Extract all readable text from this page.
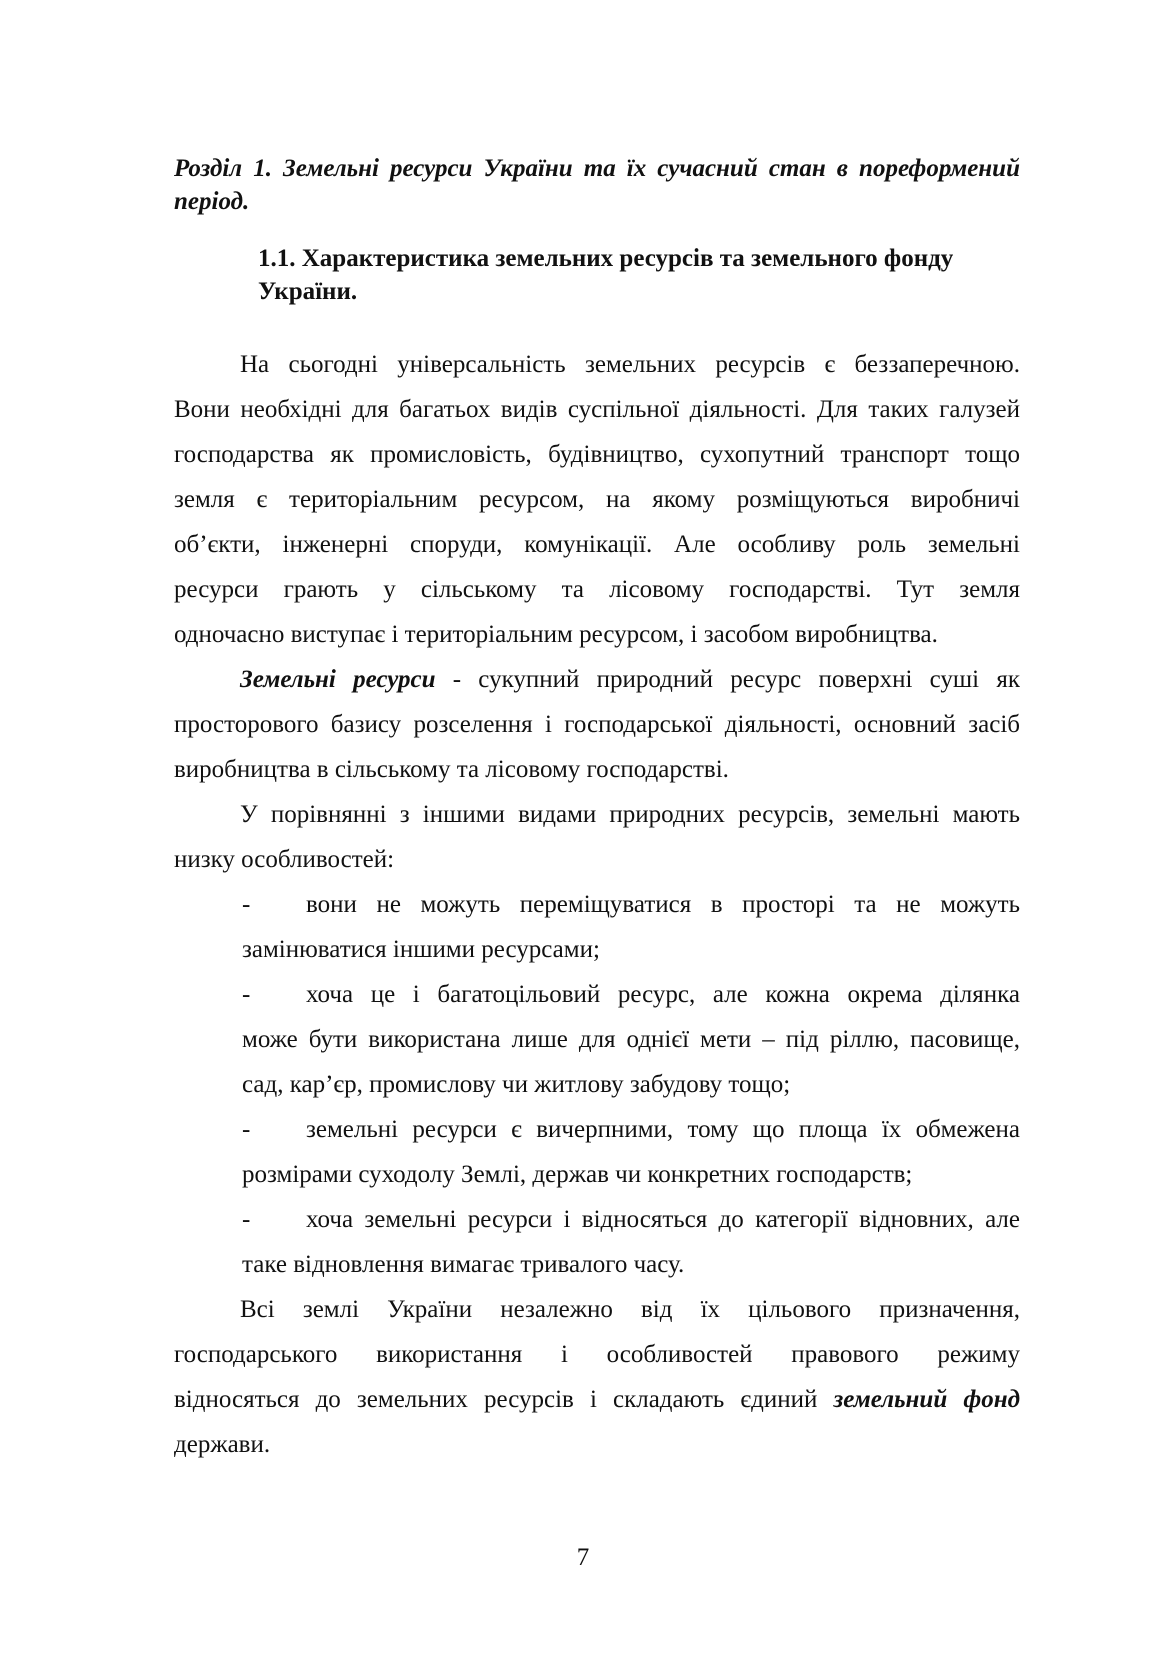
Розділ 1. Земельні ресурси України та їх сучасний стан в пореформений
період.
1.1. Характеристика земельних ресурсів та земельного фонду
України.

На сьогодні універсальність земельних ресурсів є беззаперечною.
Вони необхідні для багатьох видів суспільної діяльності. Для таких галузей
господарства як промисловість, будівництво, сухопутний транспорт тощо
земля є територіальним ресурсом, на якому розміщуються виробничі
об’єкти, інженерні споруди, комунікації. Але особливу роль земельні
ресурси грають у сільському та лісовому господарстві. Тут земля
одночасно виступає і територіальним ресурсом, і засобом виробництва.

Земельні ресурси - сукупний природний ресурс поверхні суші як
просторового базису розселення і господарської діяльності, основний засіб
виробництва в сільському та лісовому господарстві.

У порівнянні з іншими видами природних ресурсів, земельні мають
низку особливостей:

- вони не можуть переміщуватися в просторі та не можуть
замінюватися іншими ресурсами;
- хоча це і багатоцільовий ресурс, але кожна окрема ділянка
може бути використана лише для однієї мети – під ріллю, пасовище,
сад, кар’єр, промислову чи житлову забудову тощо;
- земельні ресурси є вичерпними, тому що площа їх обмежена
розмірами суходолу Землі, держав чи конкретних господарств;
- хоча земельні ресурси і відносяться до категорії відновних, але
таке відновлення вимагає тривалого часу.

Всі землі України незалежно від їх цільового призначення,
господарського використання і особливостей правового режиму
відносяться до земельних ресурсів і складають єдиний земельний фонд
держави.

7
